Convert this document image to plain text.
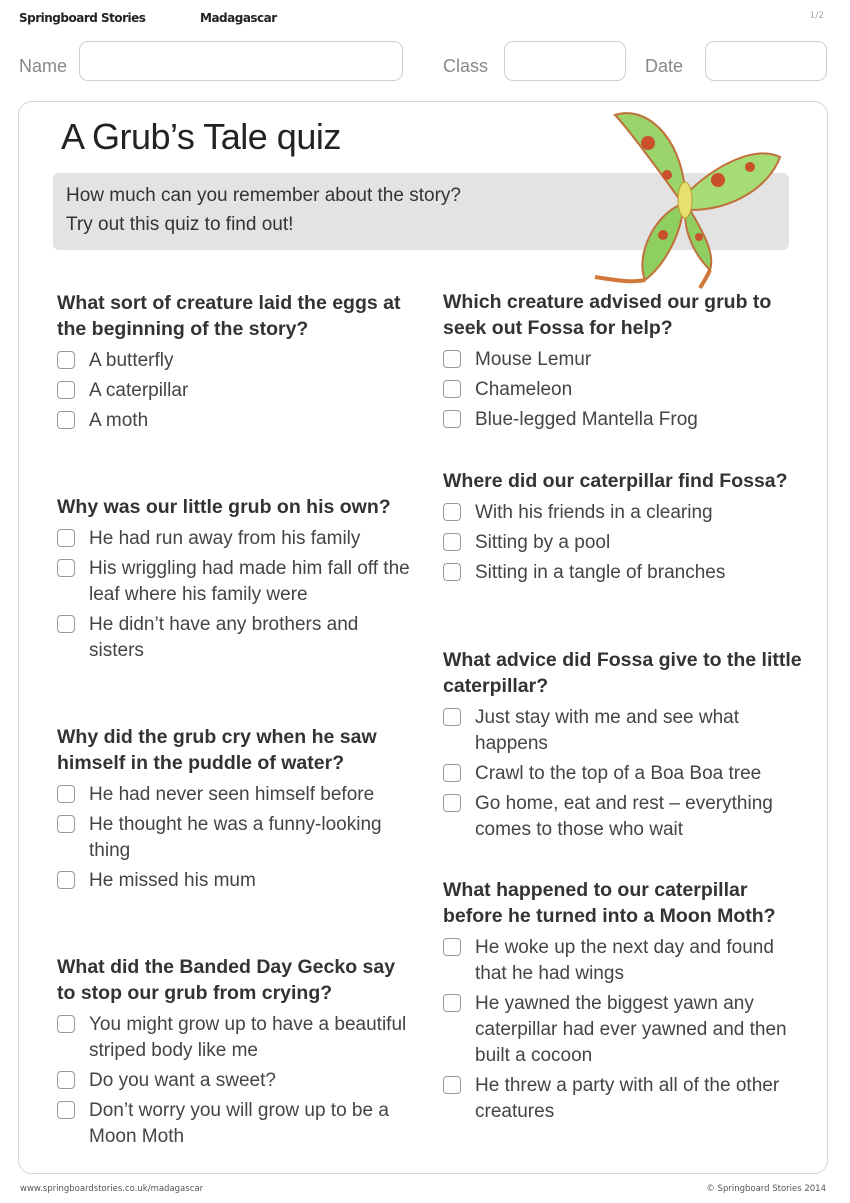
Springboard Stories	Madagascar	1/2
Name	Class	Date
A Grub’s Tale quiz
How much can you remember about the story?
Try out this quiz to find out!
What sort of creature laid the eggs at the beginning of the story?
A butterfly
A caterpillar
A moth
Why was our little grub on his own?
He had run away from his family
His wriggling had made him fall off the leaf where his family were
He didn’t have any brothers and sisters
Why did the grub cry when he saw himself in the puddle of water?
He had never seen himself before
He thought he was a funny-looking thing
He missed his mum
What did the Banded Day Gecko say to stop our grub from crying?
You might grow up to have a beautiful striped body like me
Do you want a sweet?
Don’t worry you will grow up to be a Moon Moth
Which creature advised our grub to seek out Fossa for help?
Mouse Lemur
Chameleon
Blue-legged Mantella Frog
Where did our caterpillar find Fossa?
With his friends in a clearing
Sitting by a pool
Sitting in a tangle of branches
What advice did Fossa give to the little caterpillar?
Just stay with me and see what happens
Crawl to the top of a Boa Boa tree
Go home, eat and rest – everything comes to those who wait
What happened to our caterpillar before he turned into a Moon Moth?
He woke up the next day and found that he had wings
He yawned the biggest yawn any caterpillar had ever yawned and then built a cocoon
He threw a party with all of the other creatures
www.springboardstories.co.uk/madagascar	© Springboard Stories 2014
